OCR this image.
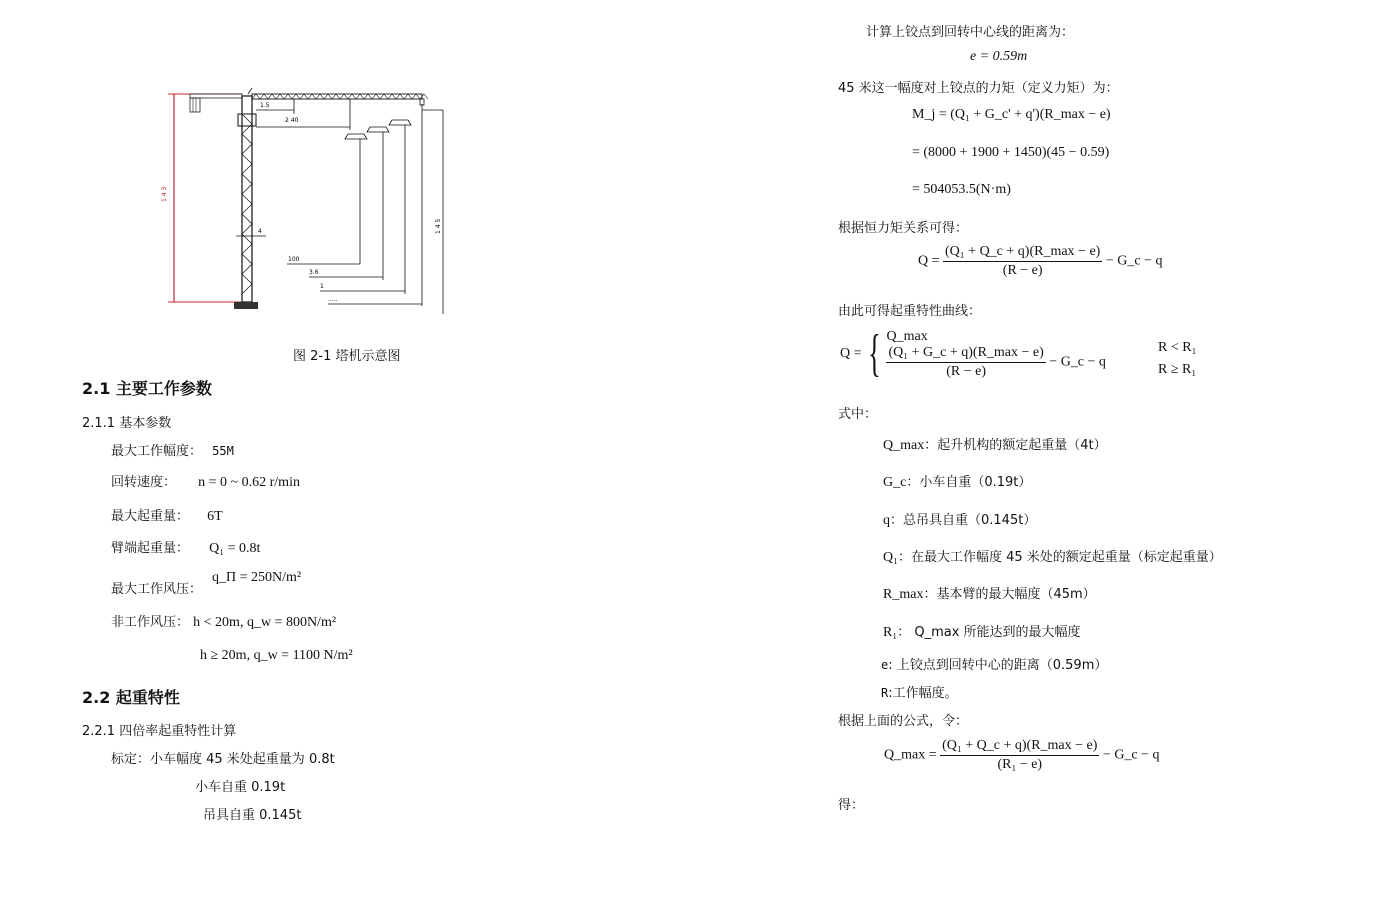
1 4 3
1.5
2 40
100
3.6
1
.....
1 4 5
4
图 2-1 塔机示意图
2.1 主要工作参数
2.1.1 基本参数
最大工作幅度： 55M
回转速度： n = 0 ~ 0.62 r/min
最大起重量： 6T
臂端起重量： Q₁ = 0.8t
最大工作风压：
q_П = 250N/m²
非工作风压： h < 20m, q_w = 800N/m²
h ≥ 20m, q_w = 1100 N/m²
2.2 起重特性
2.2.1 四倍率起重特性计算
标定：小车幅度 45 米处起重量为 0.8t
小车自重 0.19t
吊具自重 0.145t
计算上铰点到回转中心线的距离为：
e = 0.59m
45 米这一幅度对上铰点的力矩（定义力矩）为：
M_j = (Q₁ + G_c' + q')(R_max − e)
= (8000 + 1900 + 1450)(45 − 0.59)
= 504053.5(N·m)
根据恒力矩关系可得：
$Q = \frac{\text{(Q₁ + Q\_c + q)(R\_max − e)}}{(R - e)}$ − G_c − q
由此可得起重特性曲线：
Q = { Q_max
$\frac{\text{(Q₁ + G\_c + q)(R\_max − e)}}{(R - e)}$ − G_c − q
R < R₁
R ≥ R₁
式中：
Q_max：起升机构的额定起重量（4t）
G_c：小车自重（0.19t）
q：总吊具自重（0.145t）
Q₁：在最大工作幅度 45 米处的额定起重量（标定起重量）
R_max：基本臂的最大幅度（45m）
R₁： Q_max 所能达到的最大幅度
e: 上铰点到回转中心的距离（0.59m）
R:工作幅度。
根据上面的公式，令：
Q_max = $\frac{\text{(Q₁ + Q\_c + q)(R\_max − e)}}{\text{(R₁ − e)}}$ − G_c − q
得：
